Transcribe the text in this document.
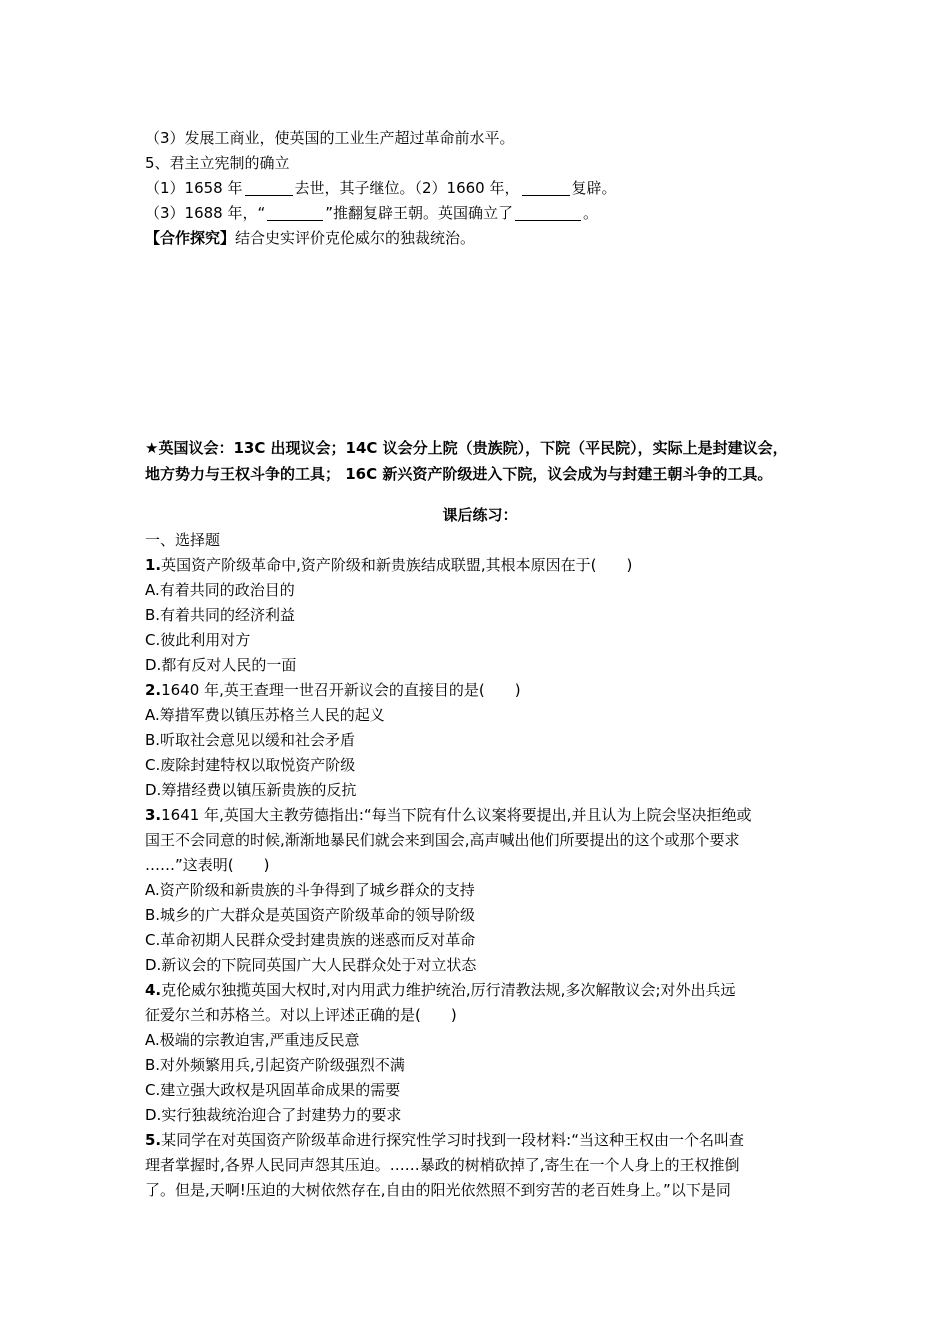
（3）发展工商业，使英国的工业生产超过革命前水平。
5、君主立宪制的确立
（1）1658 年	去世，其子继位。（2）1660 年，	复辟。
（3）1688 年，“	”推翻复辟王朝。英国确立了	。
【合作探究】结合史实评价克伦威尔的独裁统治。
★英国议会：13C 出现议会；14C 议会分上院（贵族院），下院（平民院），实际上是封建议会，
地方势力与王权斗争的工具； 16C 新兴资产阶级进入下院，议会成为与封建王朝斗争的工具。
课后练习：
一、选择题
1.英国资产阶级革命中,资产阶级和新贵族结成联盟,其根本原因在于(　　)
A.有着共同的政治目的
B.有着共同的经济利益
C.彼此利用对方
D.都有反对人民的一面
2.1640 年,英王查理一世召开新议会的直接目的是(　　)
A.筹措军费以镇压苏格兰人民的起义
B.听取社会意见以缓和社会矛盾
C.废除封建特权以取悦资产阶级
D.筹措经费以镇压新贵族的反抗
3.1641 年,英国大主教劳德指出:“每当下院有什么议案将要提出,并且认为上院会坚决拒绝或
国王不会同意的时候,渐渐地暴民们就会来到国会,高声喊出他们所要提出的这个或那个要求
……”这表明(　　)
A.资产阶级和新贵族的斗争得到了城乡群众的支持
B.城乡的广大群众是英国资产阶级革命的领导阶级
C.革命初期人民群众受封建贵族的迷惑而反对革命
D.新议会的下院同英国广大人民群众处于对立状态
4.克伦威尔独揽英国大权时,对内用武力维护统治,厉行清教法规,多次解散议会;对外出兵远
征爱尔兰和苏格兰。对以上评述正确的是(　　)
A.极端的宗教迫害,严重违反民意
B.对外频繁用兵,引起资产阶级强烈不满
C.建立强大政权是巩固革命成果的需要
D.实行独裁统治迎合了封建势力的要求
5.某同学在对英国资产阶级革命进行探究性学习时找到一段材料:“当这种王权由一个名叫查
理者掌握时,各界人民同声怨其压迫。……暴政的树梢砍掉了,寄生在一个人身上的王权推倒
了。但是,天啊!压迫的大树依然存在,自由的阳光依然照不到穷苦的老百姓身上。”以下是同
